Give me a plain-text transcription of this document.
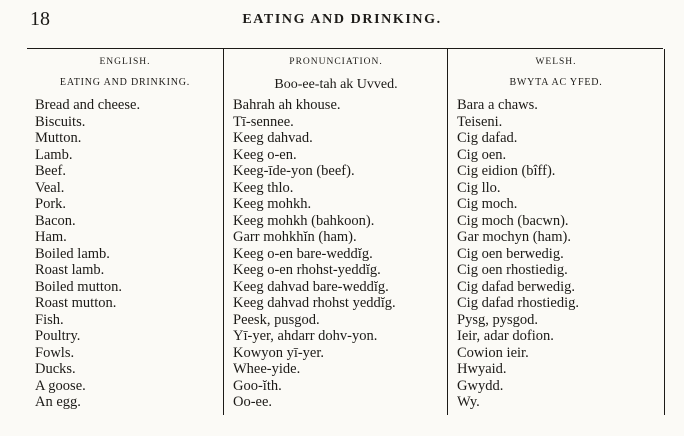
18	EATING AND DRINKING.
ENGLISH.
EATING AND DRINKING.
Bread and cheese.
Biscuits.
Mutton.
Lamb.
Beef.
Veal.
Pork.
Bacon.
Ham.
Boiled lamb.
Roast lamb.
Boiled mutton.
Roast mutton.
Fish.
Poultry.
Fowls.
Ducks.
A goose.
An egg.
PRONUNCIATION.
Boo-ee-tah ak Uvved.
Bahrah ah khouse.
Tī-sennee.
Keeg dahvad.
Keeg o-en.
Keeg-īde-yon (beef).
Keeg thlo.
Keeg mohkh.
Keeg mohkh (bahkoon).
Garr mohkhĭn (ham).
Keeg o-en bare-weddĭg.
Keeg o-en rhohst-yeddĭg.
Keeg dahvad bare-weddĭg.
Keeg dahvad rhohst yeddĭg.
Peesk, pusgod.
Yī-yer, ahdarr dohv-yon.
Kowyon yī-yer.
Whee-yide.
Goo-ĭth.
Oo-ee.
WELSH.
BWYTA AC YFED.
Bara a chaws.
Teiseni.
Cig dafad.
Cig oen.
Cig eidion (bîff).
Cig llo.
Cig moch.
Cig moch (bacwn).
Gar mochyn (ham).
Cig oen berwedig.
Cig oen rhostiedig.
Cig dafad berwedig.
Cig dafad rhostiedig.
Pysg, pysgod.
Ieir, adar dofion.
Cowion ieir.
Hwyaid.
Gwydd.
Wy.
